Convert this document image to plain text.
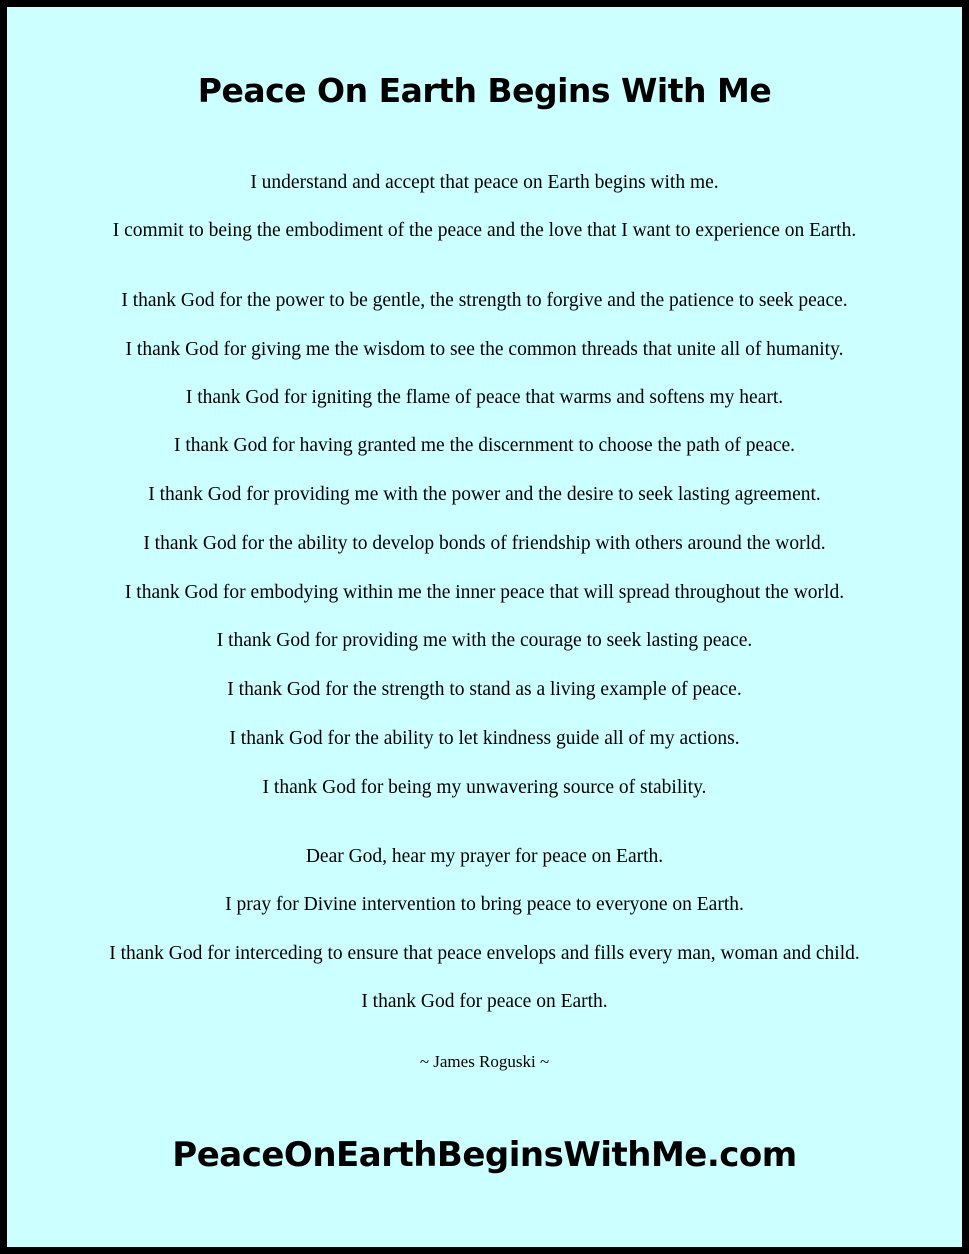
Peace On Earth Begins With Me

I understand and accept that peace on Earth begins with me.

I commit to being the embodiment of the peace and the love that I want to experience on Earth.

I thank God for the power to be gentle, the strength to forgive and the patience to seek peace.

I thank God for giving me the wisdom to see the common threads that unite all of humanity.

I thank God for igniting the flame of peace that warms and softens my heart.

I thank God for having granted me the discernment to choose the path of peace.

I thank God for providing me with the power and the desire to seek lasting agreement.

I thank God for the ability to develop bonds of friendship with others around the world.

I thank God for embodying within me the inner peace that will spread throughout the world.

I thank God for providing me with the courage to seek lasting peace.

I thank God for the strength to stand as a living example of peace.

I thank God for the ability to let kindness guide all of my actions.

I thank God for being my unwavering source of stability.

Dear God, hear my prayer for peace on Earth.

I pray for Divine intervention to bring peace to everyone on Earth.

I thank God for interceding to ensure that peace envelops and fills every man, woman and child.

I thank God for peace on Earth.

~ James Roguski ~

PeaceOnEarthBeginsWithMe.com
